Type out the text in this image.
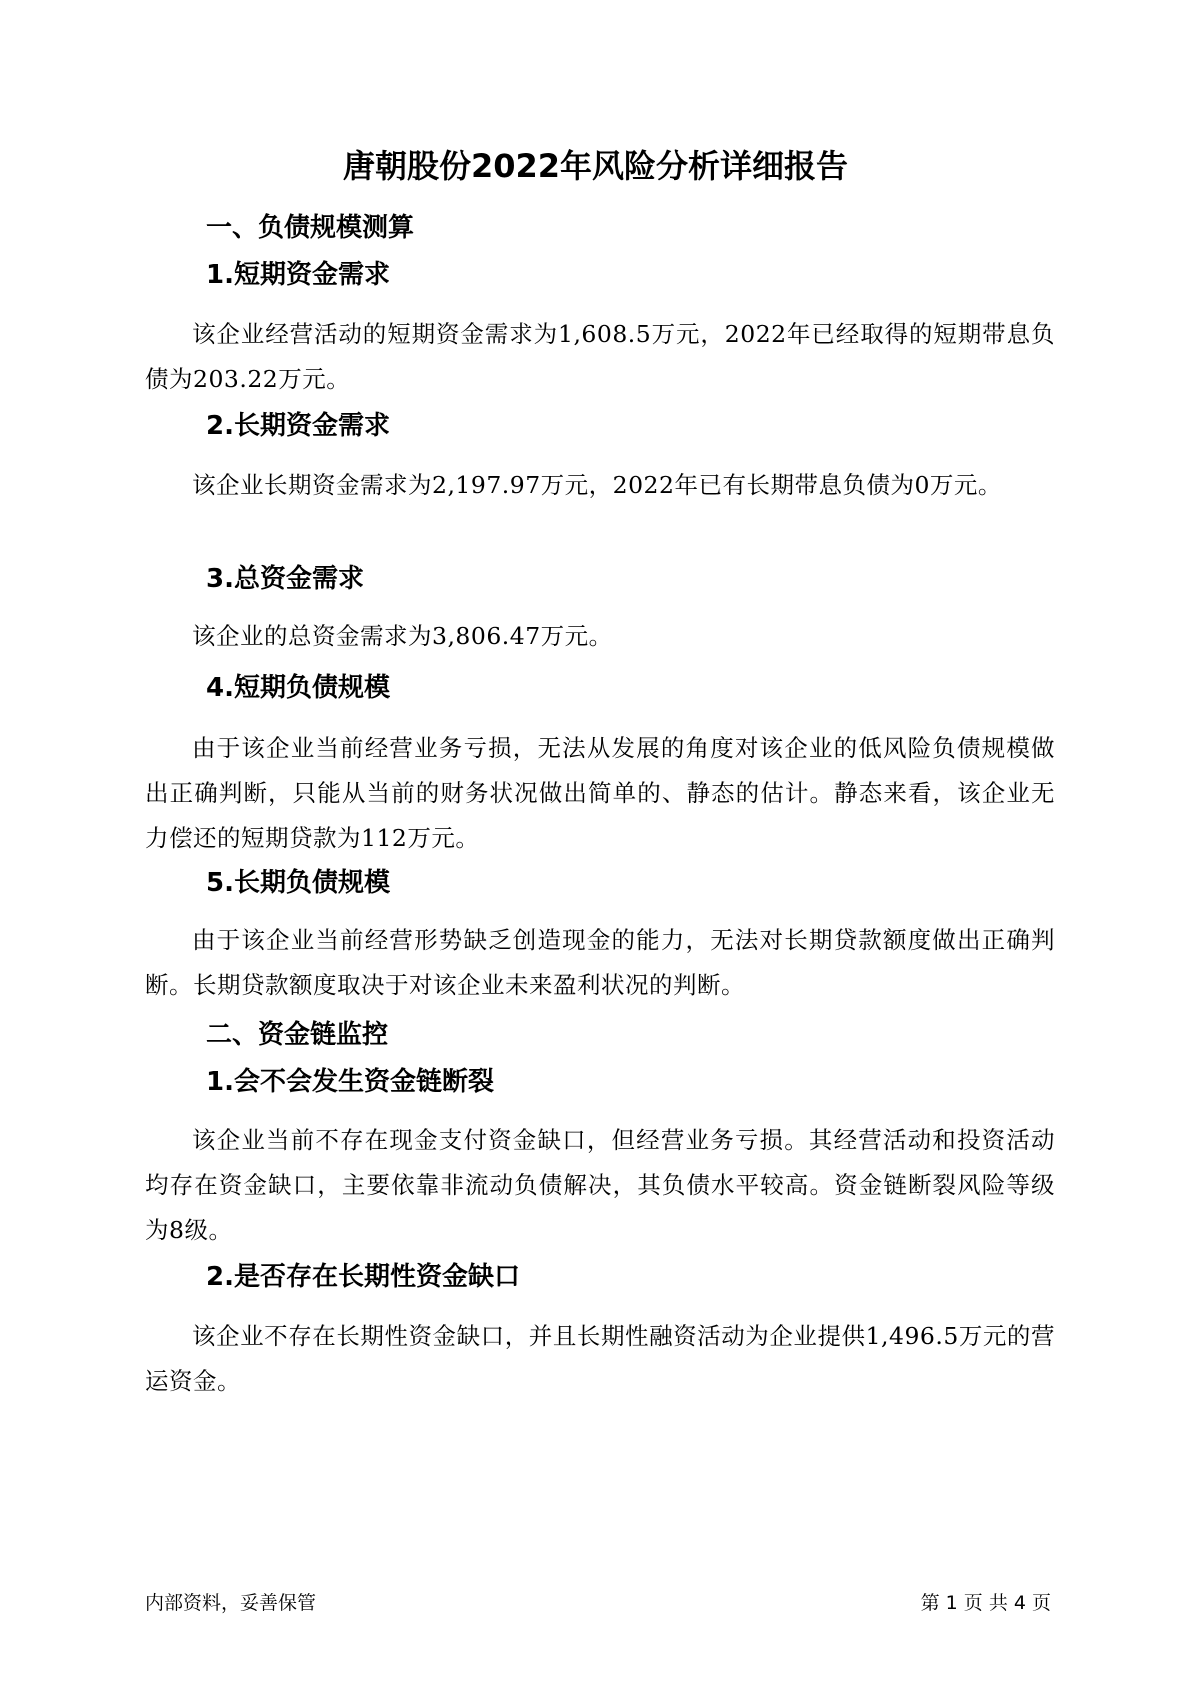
唐朝股份2022年风险分析详细报告
一、负债规模测算
1.短期资金需求

该企业经营活动的短期资金需求为1,608.5万元，2022年已经取得的短期带息负债为203.22万元。

2.长期资金需求

该企业长期资金需求为2,197.97万元，2022年已有长期带息负债为0万元。

3.总资金需求

该企业的总资金需求为3,806.47万元。

4.短期负债规模

由于该企业当前经营业务亏损，无法从发展的角度对该企业的低风险负债规模做出正确判断，只能从当前的财务状况做出简单的、静态的估计。静态来看，该企业无力偿还的短期贷款为112万元。

5.长期负债规模

由于该企业当前经营形势缺乏创造现金的能力，无法对长期贷款额度做出正确判断。长期贷款额度取决于对该企业未来盈利状况的判断。

二、资金链监控
1.会不会发生资金链断裂

该企业当前不存在现金支付资金缺口，但经营业务亏损。其经营活动和投资活动均存在资金缺口，主要依靠非流动负债解决，其负债水平较高。资金链断裂风险等级为8级。

2.是否存在长期性资金缺口

该企业不存在长期性资金缺口，并且长期性融资活动为企业提供1,496.5万元的营运资金。

内部资料，妥善保管	第 1 页 共 4 页
